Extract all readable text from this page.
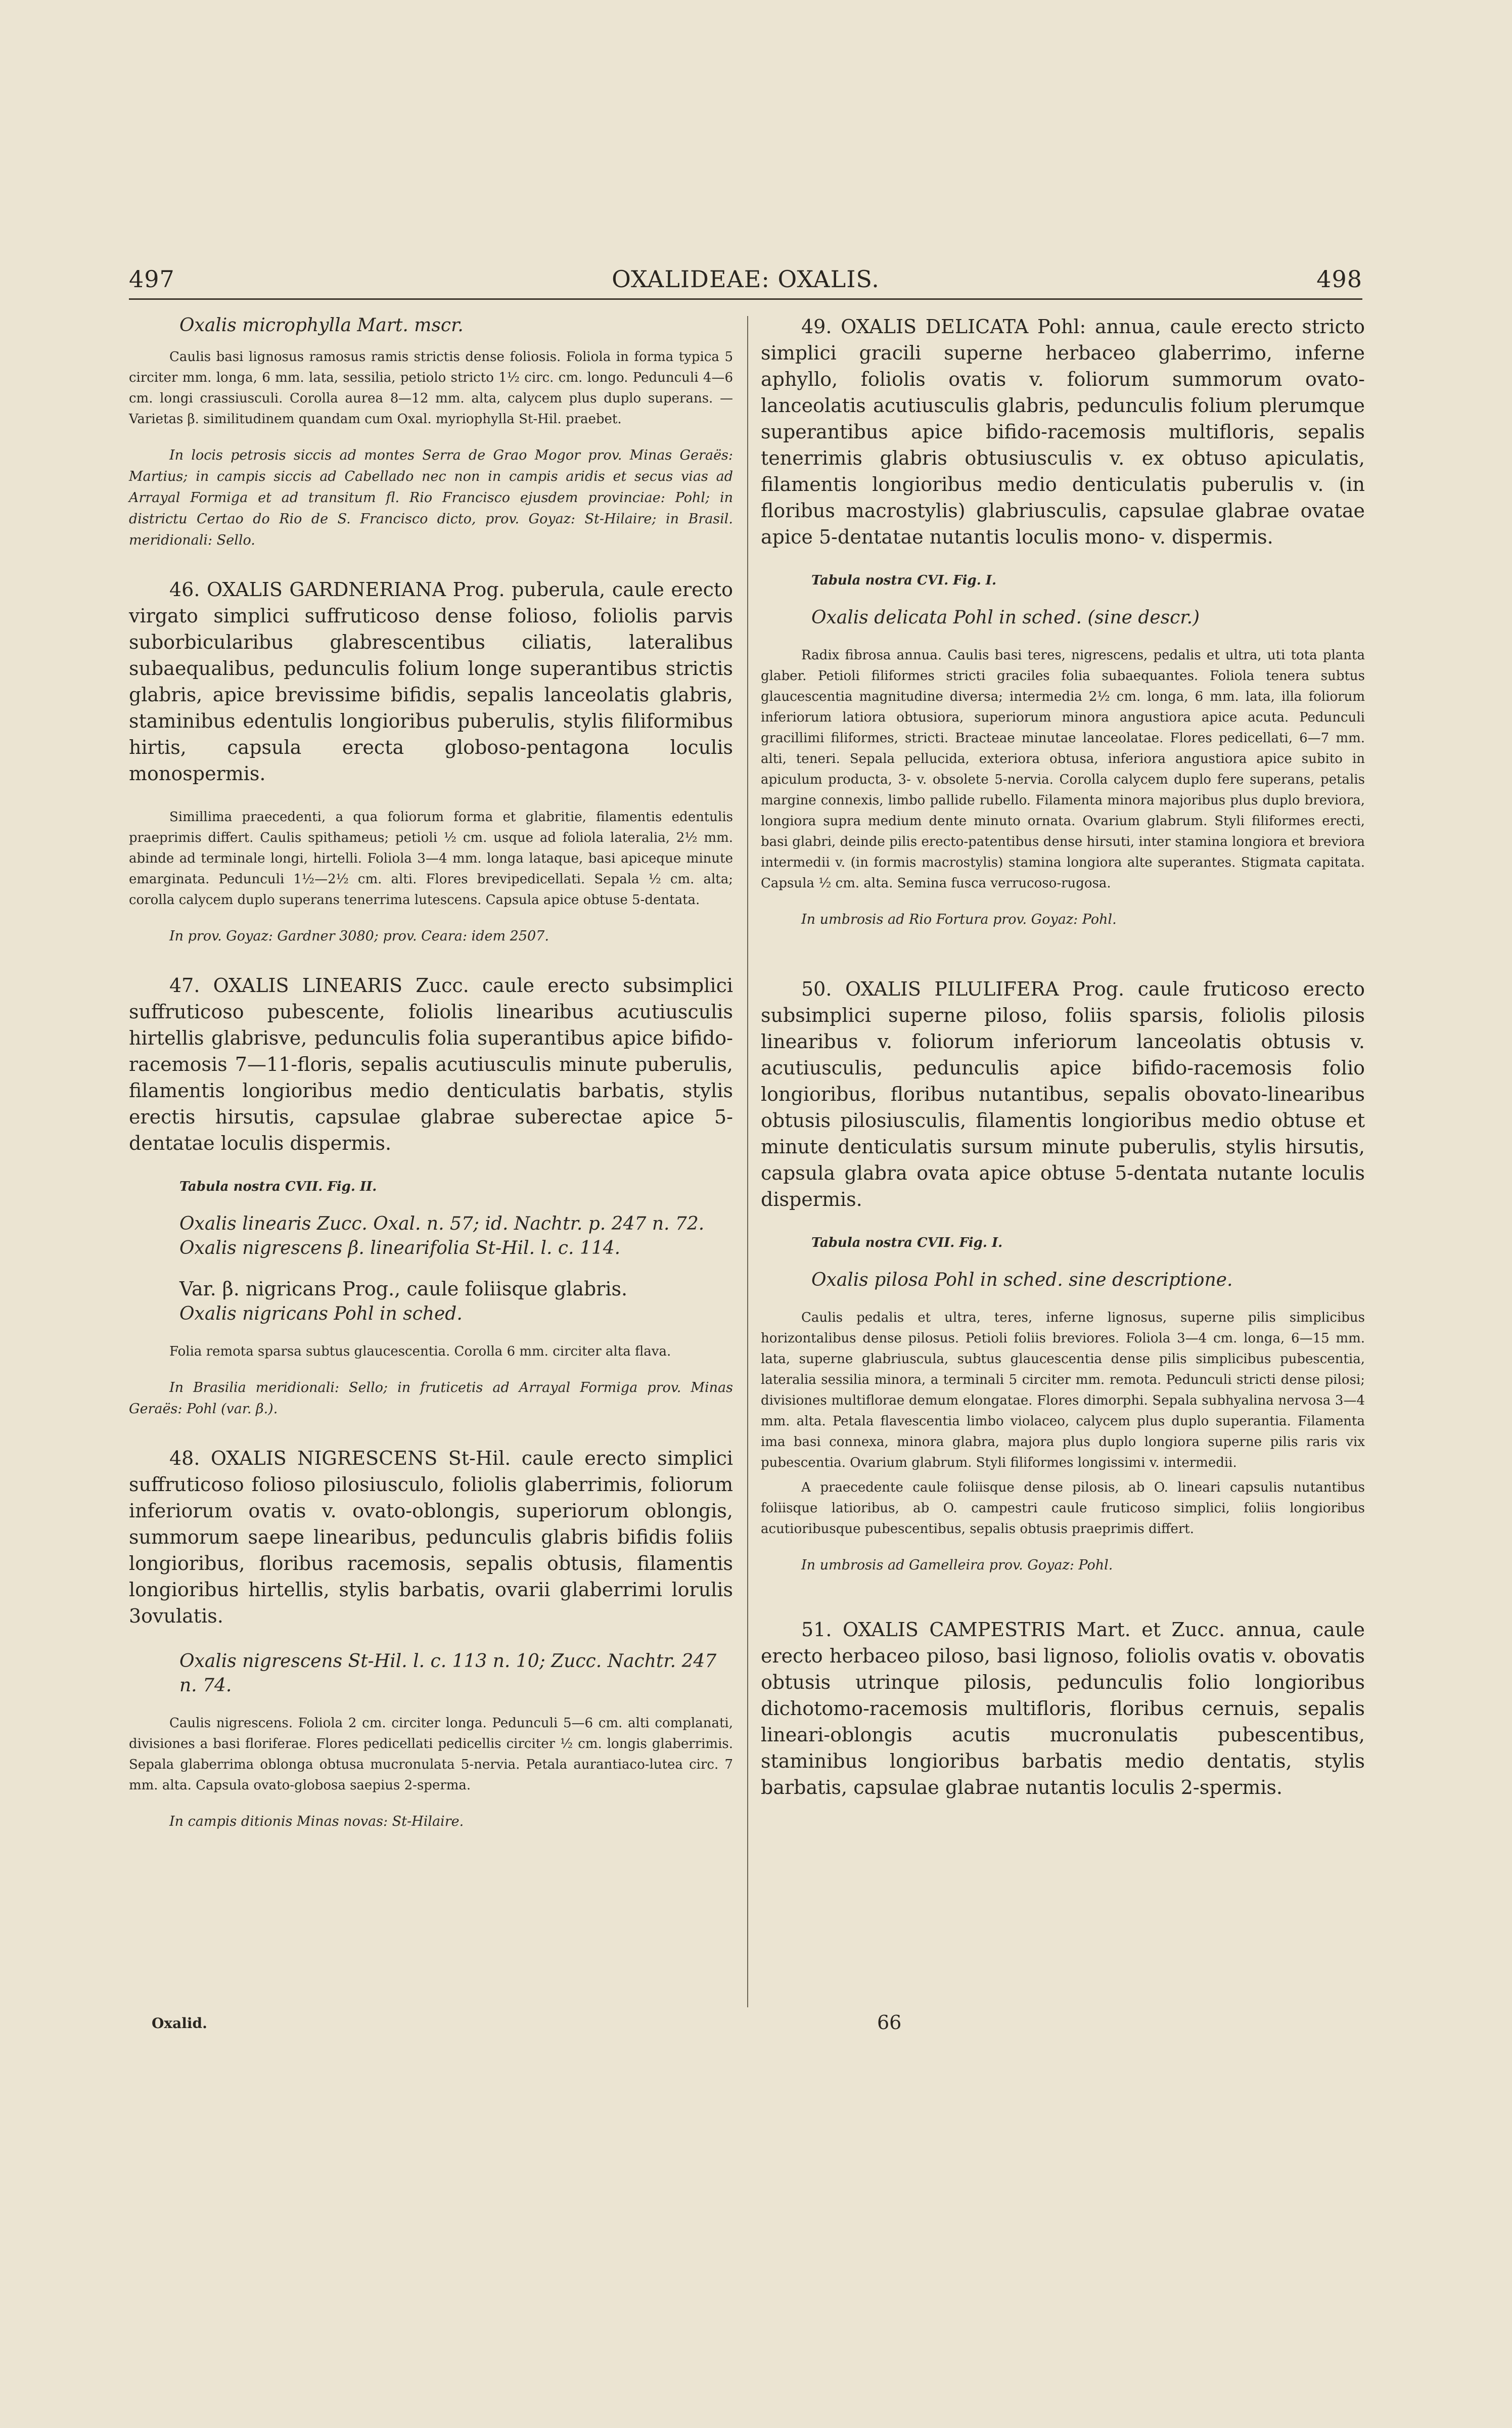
497	OXALIDEAE: OXALIS.	498

Oxalis microphylla Mart. mscr.

Caulis basi lignosus ramosus ramis strictis dense foliosis. Foliola in forma typica 5 circiter mm. longa, 6 mm. lata, sessilia, petiolo stricto 1½ circ. cm. longo. Pedunculi 4—6 cm. longi crassiusculi. Corolla aurea 8—12 mm. alta, calycem plus duplo superans. — Varietas β. similitudinem quandam cum Oxal. myriophylla St-Hil. praebet.

In locis petrosis siccis ad montes Serra de Grao Mogor prov. Minas Geraës: Martius; in campis siccis ad Cabellado nec non in campis aridis et secus vias ad Arrayal Formiga et ad transitum fl. Rio Francisco ejusdem provinciae: Pohl; in districtu Certao do Rio de S. Francisco dicto, prov. Goyaz: St-Hilaire; in Brasil. meridionali: Sello.

46. OXALIS GARDNERIANA Prog. puberula, caule erecto virgato simplici suffruticoso dense folioso, foliolis parvis suborbicularibus glabrescentibus ciliatis, lateralibus subaequalibus, pedunculis folium longe superantibus strictis glabris, apice brevissime bifidis, sepalis lanceolatis glabris, staminibus edentulis longioribus puberulis, stylis filiformibus hirtis, capsula erecta globoso-pentagona loculis monospermis.

Simillima praecedenti, a qua foliorum forma et glabritie, filamentis edentulis praeprimis differt. Caulis spithameus; petioli ½ cm. usque ad foliola lateralia, 2½ mm. abinde ad terminale longi, hirtelli. Foliola 3—4 mm. longa lataque, basi apiceque minute emarginata. Pedunculi 1½—2½ cm. alti. Flores brevipedicellati. Sepala ½ cm. alta; corolla calycem duplo superans tenerrima lutescens. Capsula apice obtuse 5-dentata.

In prov. Goyaz: Gardner 3080; prov. Ceara: idem 2507.

47. OXALIS LINEARIS Zucc. caule erecto subsimplici suffruticoso pubescente, foliolis linearibus acutiusculis hirtellis glabrisve, pedunculis folia superantibus apice bifido-racemosis 7—11-floris, sepalis acutiusculis minute puberulis, filamentis longioribus medio denticulatis barbatis, stylis erectis hirsutis, capsulae glabrae suberectae apice 5-dentatae loculis dispermis.

Tabula nostra CVII. Fig. II.

Oxalis linearis Zucc. Oxal. n. 57; id. Nachtr. p. 247 n. 72.

Oxalis nigrescens β. linearifolia St-Hil. l. c. 114.

Var. β. nigricans Prog., caule foliisque glabris.

Oxalis nigricans Pohl in sched.

Folia remota sparsa subtus glaucescentia. Corolla 6 mm. circiter alta flava.

In Brasilia meridionali: Sello; in fruticetis ad Arrayal Formiga prov. Minas Geraës: Pohl (var. β.).

48. OXALIS NIGRESCENS St-Hil. caule erecto simplici suffruticoso folioso pilosiusculo, foliolis glaberrimis, foliorum inferiorum ovatis v. ovato-oblongis, superiorum oblongis, summorum saepe linearibus, pedunculis glabris bifidis foliis longioribus, floribus racemosis, sepalis obtusis, filamentis longioribus hirtellis, stylis barbatis, ovarii glaberrimi lorulis 3ovulatis.

Oxalis nigrescens St-Hil. l. c. 113 n. 10; Zucc. Nachtr. 247 n. 74.

Caulis nigrescens. Foliola 2 cm. circiter longa. Pedunculi 5—6 cm. alti complanati, divisiones a basi floriferae. Flores pedicellati pedicellis circiter ½ cm. longis glaberrimis. Sepala glaberrima oblonga obtusa mucronulata 5-nervia. Petala aurantiaco-lutea circ. 7 mm. alta. Capsula ovato-globosa saepius 2-sperma.

In campis ditionis Minas novas: St-Hilaire.

49. OXALIS DELICATA Pohl: annua, caule erecto stricto simplici gracili superne herbaceo glaberrimo, inferne aphyllo, foliolis ovatis v. foliorum summorum ovato-lanceolatis acutiusculis glabris, pedunculis folium plerumque superantibus apice bifido-racemosis multifloris, sepalis tenerrimis glabris obtusiusculis v. ex obtuso apiculatis, filamentis longioribus medio denticulatis puberulis v. (in floribus macrostylis) glabriusculis, capsulae glabrae ovatae apice 5-dentatae nutantis loculis mono- v. dispermis.

Tabula nostra CVI. Fig. I.

Oxalis delicata Pohl in sched. (sine descr.)

Radix fibrosa annua. Caulis basi teres, nigrescens, pedalis et ultra, uti tota planta glaber. Petioli filiformes stricti graciles folia subaequantes. Foliola tenera subtus glaucescentia magnitudine diversa; intermedia 2½ cm. longa, 6 mm. lata, illa foliorum inferiorum latiora obtusiora, superiorum minora angustiora apice acuta. Pedunculi gracillimi filiformes, stricti. Bracteae minutae lanceolatae. Flores pedicellati, 6—7 mm. alti, teneri. Sepala pellucida, exteriora obtusa, inferiora angustiora apice subito in apiculum producta, 3- v. obsolete 5-nervia. Corolla calycem duplo fere superans, petalis margine connexis, limbo pallide rubello. Filamenta minora majoribus plus duplo breviora, longiora supra medium dente minuto ornata. Ovarium glabrum. Styli filiformes erecti, basi glabri, deinde pilis erecto-patentibus dense hirsuti, inter stamina longiora et breviora intermedii v. (in formis macrostylis) stamina longiora alte superantes. Stigmata capitata. Capsula ½ cm. alta. Semina fusca verrucoso-rugosa.

In umbrosis ad Rio Fortura prov. Goyaz: Pohl.

50. OXALIS PILULIFERA Prog. caule fruticoso erecto subsimplici superne piloso, foliis sparsis, foliolis pilosis linearibus v. foliorum inferiorum lanceolatis obtusis v. acutiusculis, pedunculis apice bifido-racemosis folio longioribus, floribus nutantibus, sepalis obovato-linearibus obtusis pilosiusculis, filamentis longioribus medio obtuse et minute denticulatis sursum minute puberulis, stylis hirsutis, capsula glabra ovata apice obtuse 5-dentata nutante loculis dispermis.

Tabula nostra CVII. Fig. I.

Oxalis pilosa Pohl in sched. sine descriptione.

Caulis pedalis et ultra, teres, inferne lignosus, superne pilis simplicibus horizontalibus dense pilosus. Petioli foliis breviores. Foliola 3—4 cm. longa, 6—15 mm. lata, superne glabriuscula, subtus glaucescentia dense pilis simplicibus pubescentia, lateralia sessilia minora, a terminali 5 circiter mm. remota. Pedunculi stricti dense pilosi; divisiones multiflorae demum elongatae. Flores dimorphi. Sepala subhyalina nervosa 3—4 mm. alta. Petala flavescentia limbo violaceo, calycem plus duplo superantia. Filamenta ima basi connexa, minora glabra, majora plus duplo longiora superne pilis raris vix pubescentia. Ovarium glabrum. Styli filiformes longissimi v. intermedii.

A praecedente caule foliisque dense pilosis, ab O. lineari capsulis nutantibus foliisque latioribus, ab O. campestri caule fruticoso simplici, foliis longioribus acutioribusque pubescentibus, sepalis obtusis praeprimis differt.

In umbrosis ad Gamelleira prov. Goyaz: Pohl.

51. OXALIS CAMPESTRIS Mart. et Zucc. annua, caule erecto herbaceo piloso, basi lignoso, foliolis ovatis v. obovatis obtusis utrinque pilosis, pedunculis folio longioribus dichotomo-racemosis multifloris, floribus cernuis, sepalis lineari-oblongis acutis mucronulatis pubescentibus, staminibus longioribus barbatis medio dentatis, stylis barbatis, capsulae glabrae nutantis loculis 2-spermis.

Oxalid.	66
